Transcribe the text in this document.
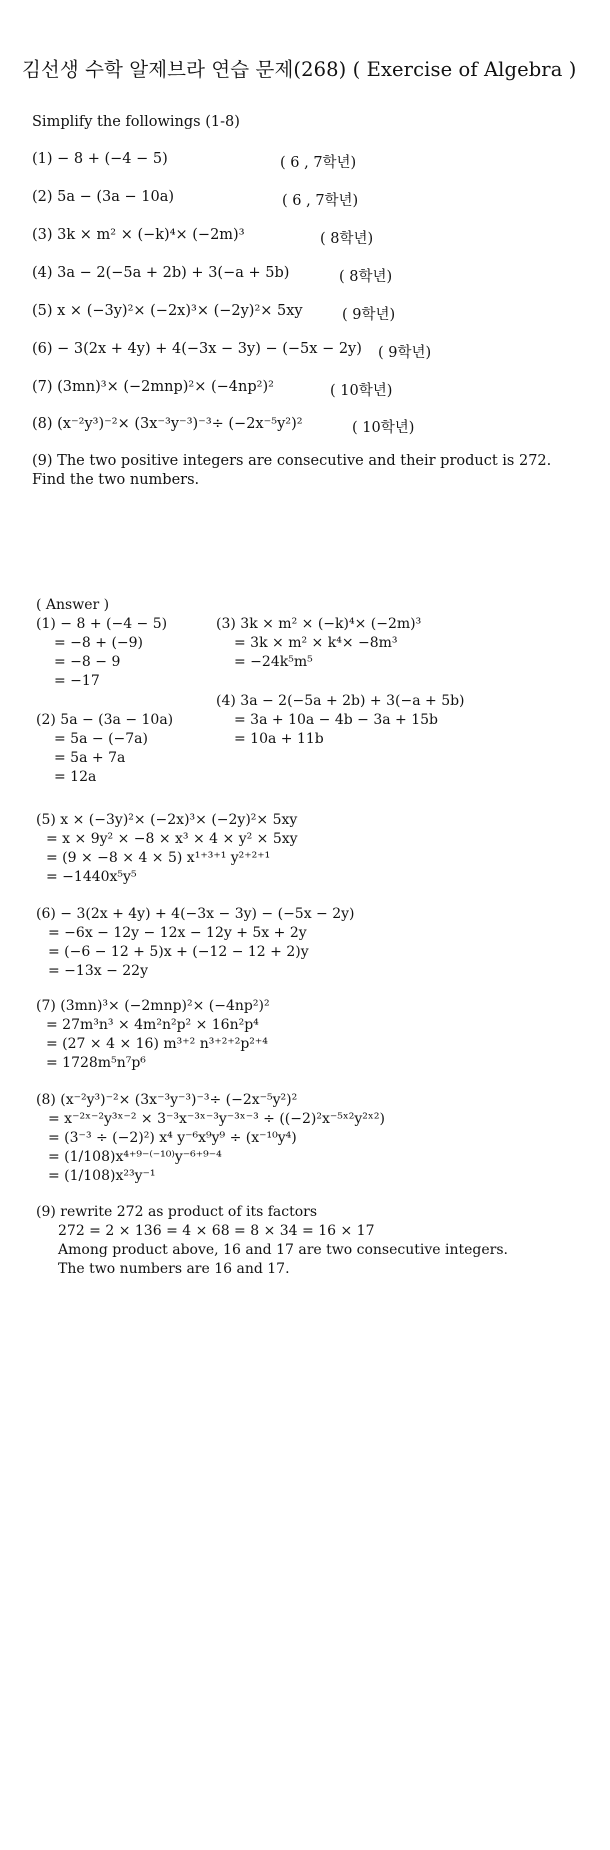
김선생 수학 알제브라 연습 문제(268) ( Exercise of Algebra )
Simplify the followings (1-8)
(1) − 8 + (−4 − 5)	( 6 , 7학년)
(2) 5a − (3a − 10a)	( 6 , 7학년)
(3) 3k × m² × (−k)⁴× (−2m)³	( 8학년)
(4) 3a − 2(−5a + 2b) + 3(−a + 5b)	( 8학년)
(5) x × (−3y)²× (−2x)³× (−2y)²× 5xy	( 9학년)
(6) − 3(2x + 4y) + 4(−3x − 3y) − (−5x − 2y) ( 9학년)
(7) (3mn)³× (−2mnp)²× (−4np²)²	( 10학년)
(8) (x⁻²y³)⁻²× (3x⁻³y⁻³)⁻³÷ (−2x⁻⁵y²)²	( 10학년)
(9) The two positive integers are consecutive and their product is 272.
Find the two numbers.
( Answer )
(1) − 8 + (−4 − 5)
= −8 + (−9)
= −8 − 9
= −17
(3) 3k × m² × (−k)⁴× (−2m)³
= 3k × m² × k⁴× −8m³
= −24k⁵m⁵
(4) 3a − 2(−5a + 2b) + 3(−a + 5b)
= 3a + 10a − 4b − 3a + 15b
= 10a + 11b
(2) 5a − (3a − 10a)
= 5a − (−7a)
= 5a + 7a
= 12a
(5) x × (−3y)²× (−2x)³× (−2y)²× 5xy
= x × 9y² × −8 × x³ × 4 × y² × 5xy
= (9 × −8 × 4 × 5) x¹⁺³⁺¹ y²⁺²⁺¹
= −1440x⁵y⁵
(6) − 3(2x + 4y) + 4(−3x − 3y) − (−5x − 2y)
= −6x − 12y − 12x − 12y + 5x + 2y
= (−6 − 12 + 5)x + (−12 − 12 + 2)y
= −13x − 22y
(7) (3mn)³× (−2mnp)²× (−4np²)²
= 27m³n³ × 4m²n²p² × 16n²p⁴
= (27 × 4 × 16) m³⁺² n³⁺²⁺²p²⁺⁴
= 1728m⁵n⁷p⁶
(8) (x⁻²y³)⁻²× (3x⁻³y⁻³)⁻³÷ (−2x⁻⁵y²)²
= x⁻²ˣ⁻²y³ˣ⁻² × 3⁻³x⁻³ˣ⁻³y⁻³ˣ⁻³ ÷ ((−2)²x⁻⁵ˣ²y²ˣ²)
= (3⁻³ ÷ (−2)²) x⁴ y⁻⁶x⁹y⁹ ÷ (x⁻¹⁰y⁴)
= (1/108)x⁴⁺⁹⁻⁽⁻¹⁰⁾y⁻⁶⁺⁹⁻⁴
= (1/108)x²³y⁻¹
(9) rewrite 272 as product of its factors
272 = 2 × 136 = 4 × 68 = 8 × 34 = 16 × 17
Among product above, 16 and 17 are two consecutive integers.
The two numbers are 16 and 17.
